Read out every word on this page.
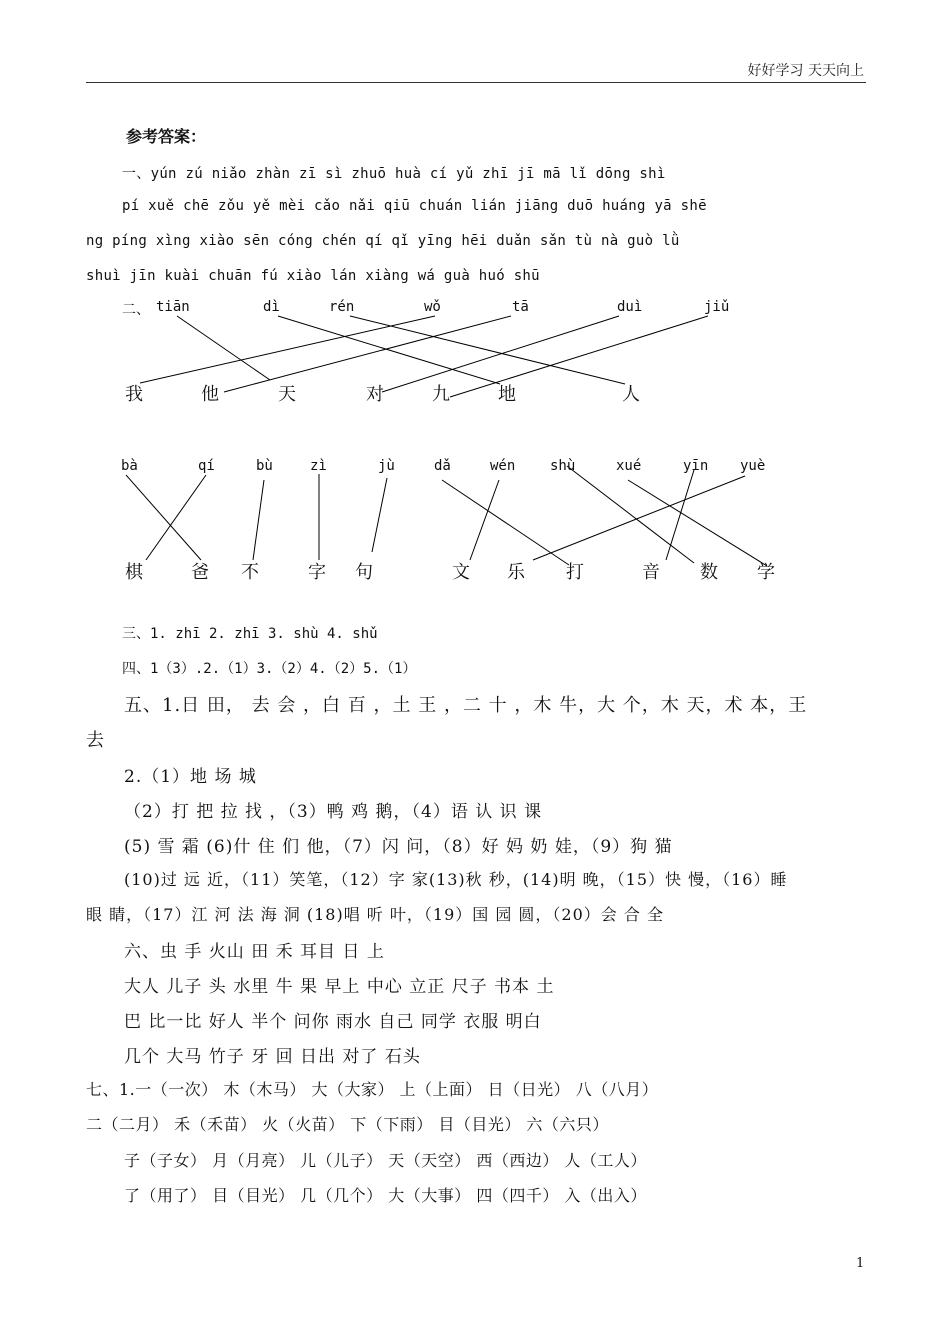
好好学习 天天向上
参考答案：
一、yún zú niǎo zhàn zī sì zhuō huà cí yǔ zhī jī mā lǐ dōng shì
pí xuě chē zǒu yě mèi cǎo nǎi qiū chuán lián jiāng duō huáng yā shē
ng píng xìng xiào sēn cóng chén qí qǐ yīng hēi duǎn sǎn tù nà guò lǜ
shuì jīn kuài chuān fú xiào lán xiàng wá guà huó shū
二、 tiān	dì	rén	wǒ	tā	duì	jiǔ
我	他	天	对	九	地	人
bà	qí	bù	zì	jù	dǎ	wén shù	xué	yīn yuè
棋	爸 不	字 句	文 乐 打	音 数 学
三、1. zhī 2. zhī 3. shù 4. shǔ
四、1（3）.2.（1）3.（2）4.（2）5.（1）
五、1.日 田， 去 会 ，白 百 ，土 王 ，二 十 ，木 牛，大 个，木 天，术 本，王
去
2.（1）地 场 城
（2）打 把 拉 找 ，（3）鸭 鸡 鹅，（4）语 认 识 课
(5) 雪 霜 (6)什 住 们 他，（7）闪 问，（8）好 妈 奶 娃，（9）狗 猫
(10)过 远 近，（11）笑笔，（12）字 家(13)秋 秒，(14)明 晚，（15）快 慢，（16）睡
眼 睛，（17）江 河 法 海 洞 (18)唱 听 叶，（19）国 园 圆，（20）会 合 全
六、虫 手 火山 田 禾 耳目 日 上
大人 儿子 头 水里 牛 果 早上 中心 立正 尺子 书本 土
巴 比一比 好人 半个 问你 雨水 自己 同学 衣服 明白
几个 大马 竹子 牙 回 日出 对了 石头
七、1.一（一次） 木（木马） 大（大家） 上（上面） 日（日光） 八（八月）
二（二月） 禾（禾苗） 火（火苗） 下（下雨） 目（目光） 六（六只）
子（子女） 月（月亮） 儿（儿子） 天（天空） 西（西边） 人（工人）
了（用了） 目（目光） 几（几个） 大（大事） 四（四千） 入（出入）
1
